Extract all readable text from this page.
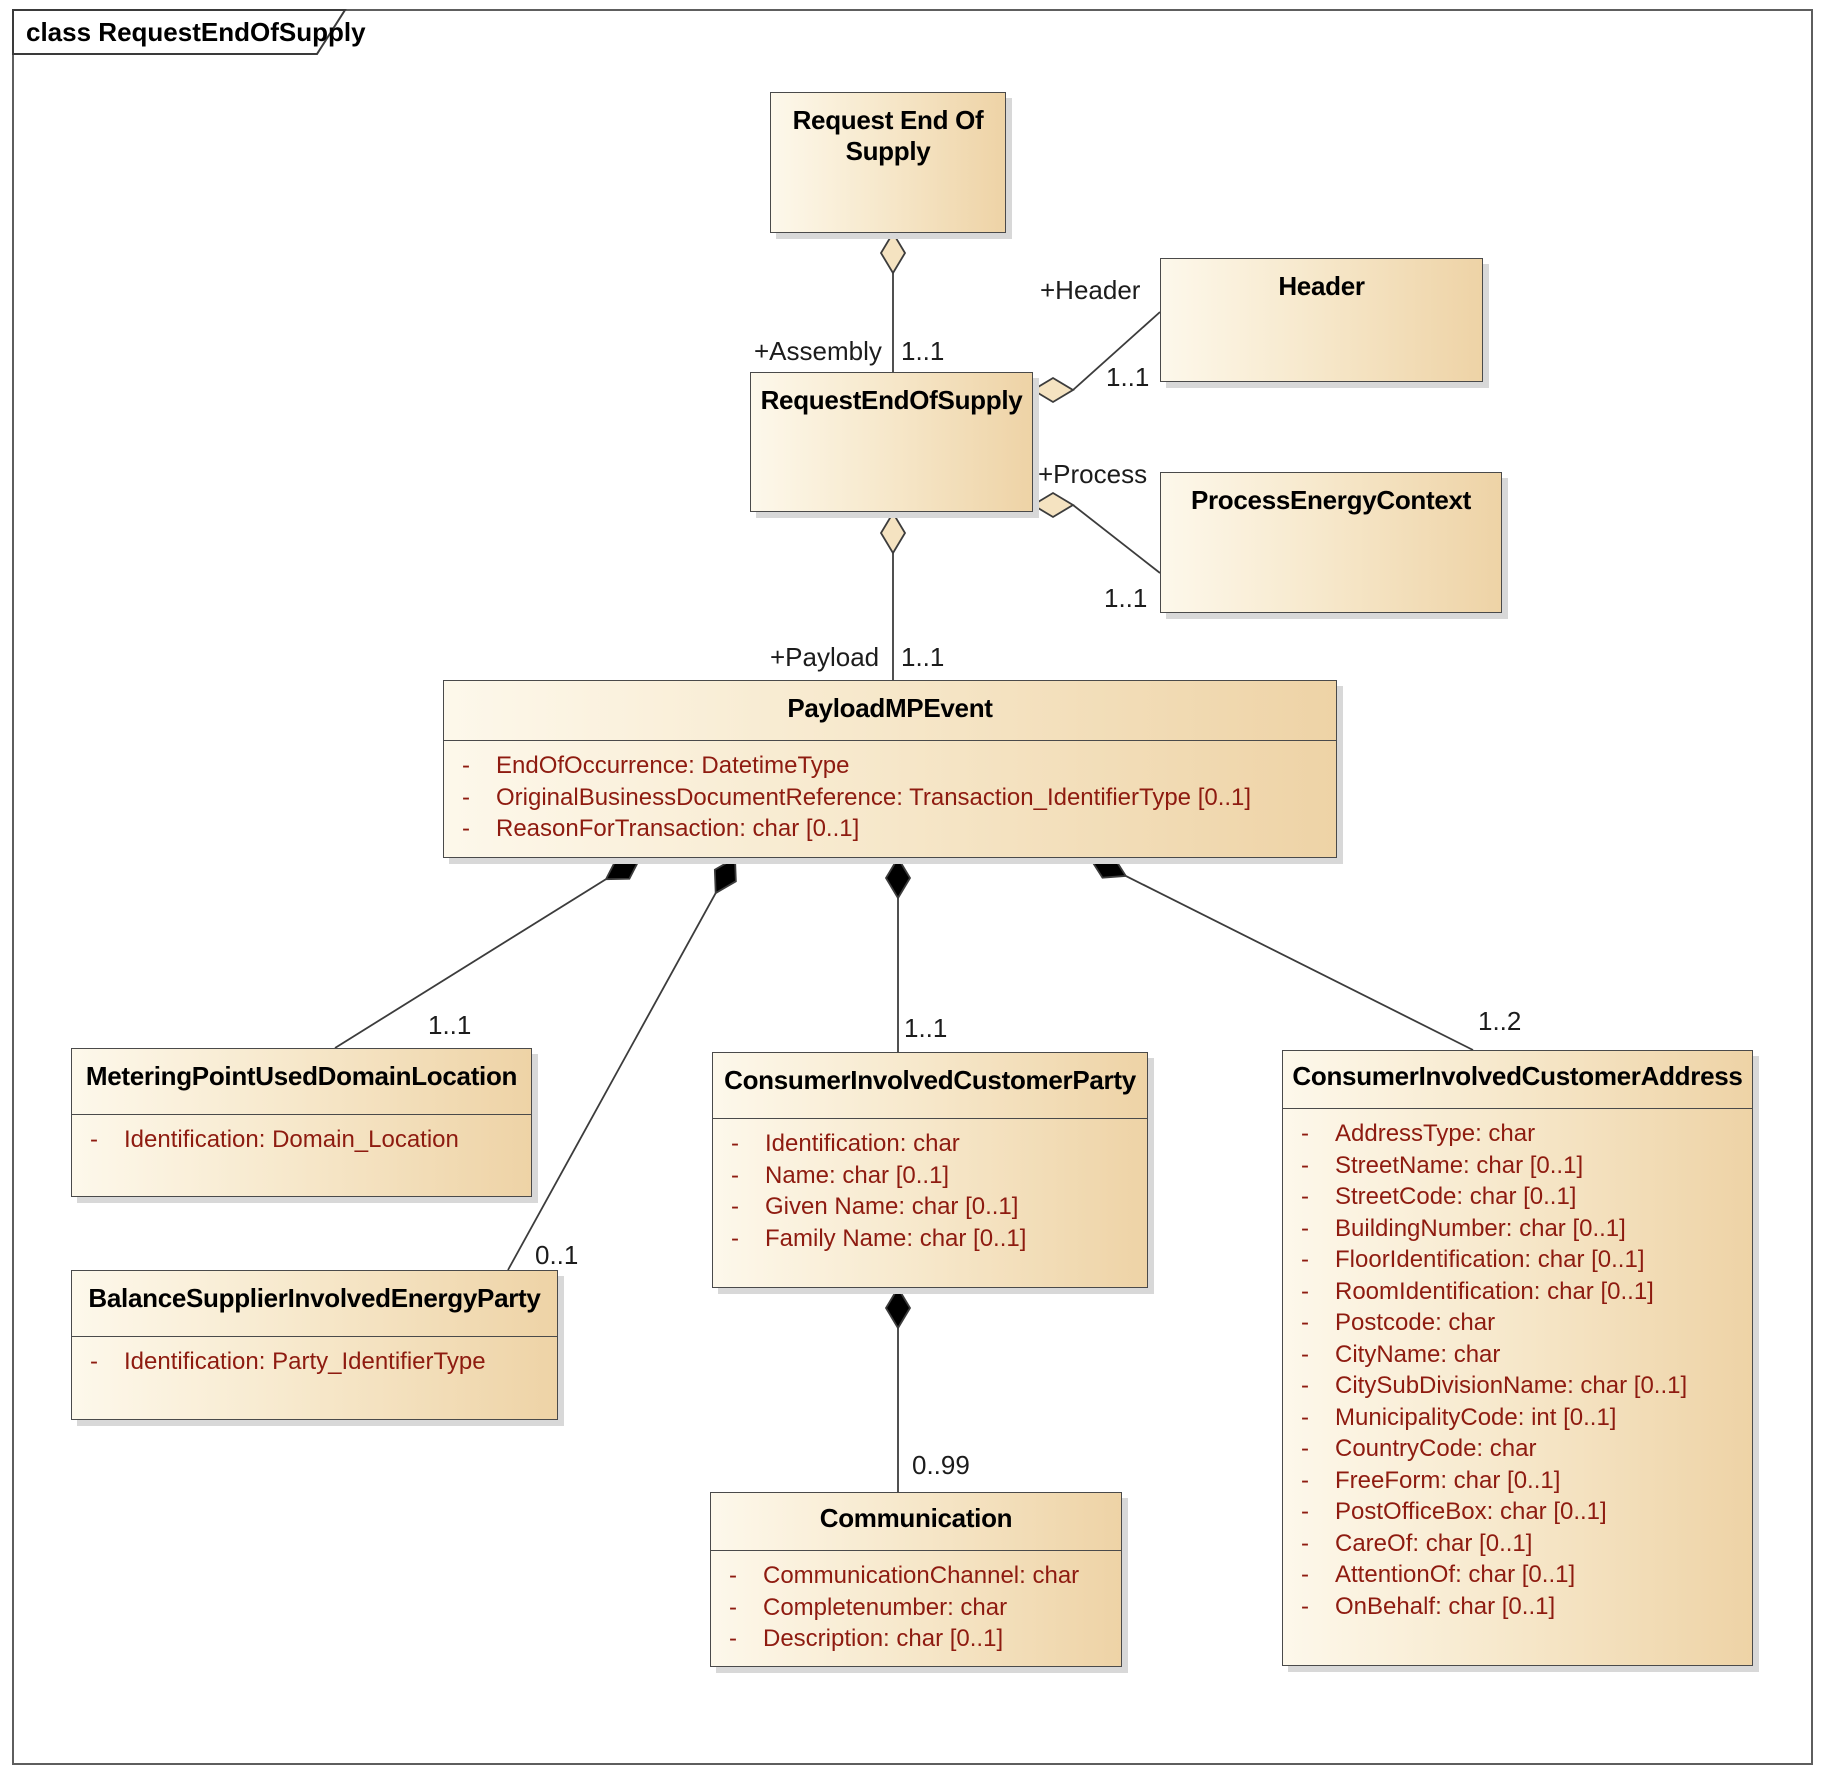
class RequestEndOfSupply
Request End Of Supply
RequestEndOfSupply
Header
ProcessEnergyContext
PayloadMPEvent
- EndOfOccurrence: DatetimeType
- OriginalBusinessDocumentReference: Transaction_IdentifierType [0..1]
- ReasonForTransaction: char [0..1]
MeteringPointUsedDomainLocation
- Identification: Domain_Location
BalanceSupplierInvolvedEnergyParty
- Identification: Party_IdentifierType
ConsumerInvolvedCustomerParty
- Identification: char
- Name: char [0..1]
- Given Name: char [0..1]
- Family Name: char [0..1]
Communication
- CommunicationChannel: char
- Completenumber: char
- Description: char [0..1]
ConsumerInvolvedCustomerAddress
- AddressType: char
- StreetName: char [0..1]
- StreetCode: char [0..1]
- BuildingNumber: char [0..1]
- FloorIdentification: char [0..1]
- RoomIdentification: char [0..1]
- Postcode: char
- CityName: char
- CitySubDivisionName: char [0..1]
- MunicipalityCode: int [0..1]
- CountryCode: char
- FreeForm: char [0..1]
- PostOfficeBox: char [0..1]
- CareOf: char [0..1]
- AttentionOf: char [0..1]
- OnBehalf: char [0..1]
+Assembly 1..1
+Header
1..1
+Process
1..1
+Payload 1..1
1..1
0..1
1..1	1..2
0..99
